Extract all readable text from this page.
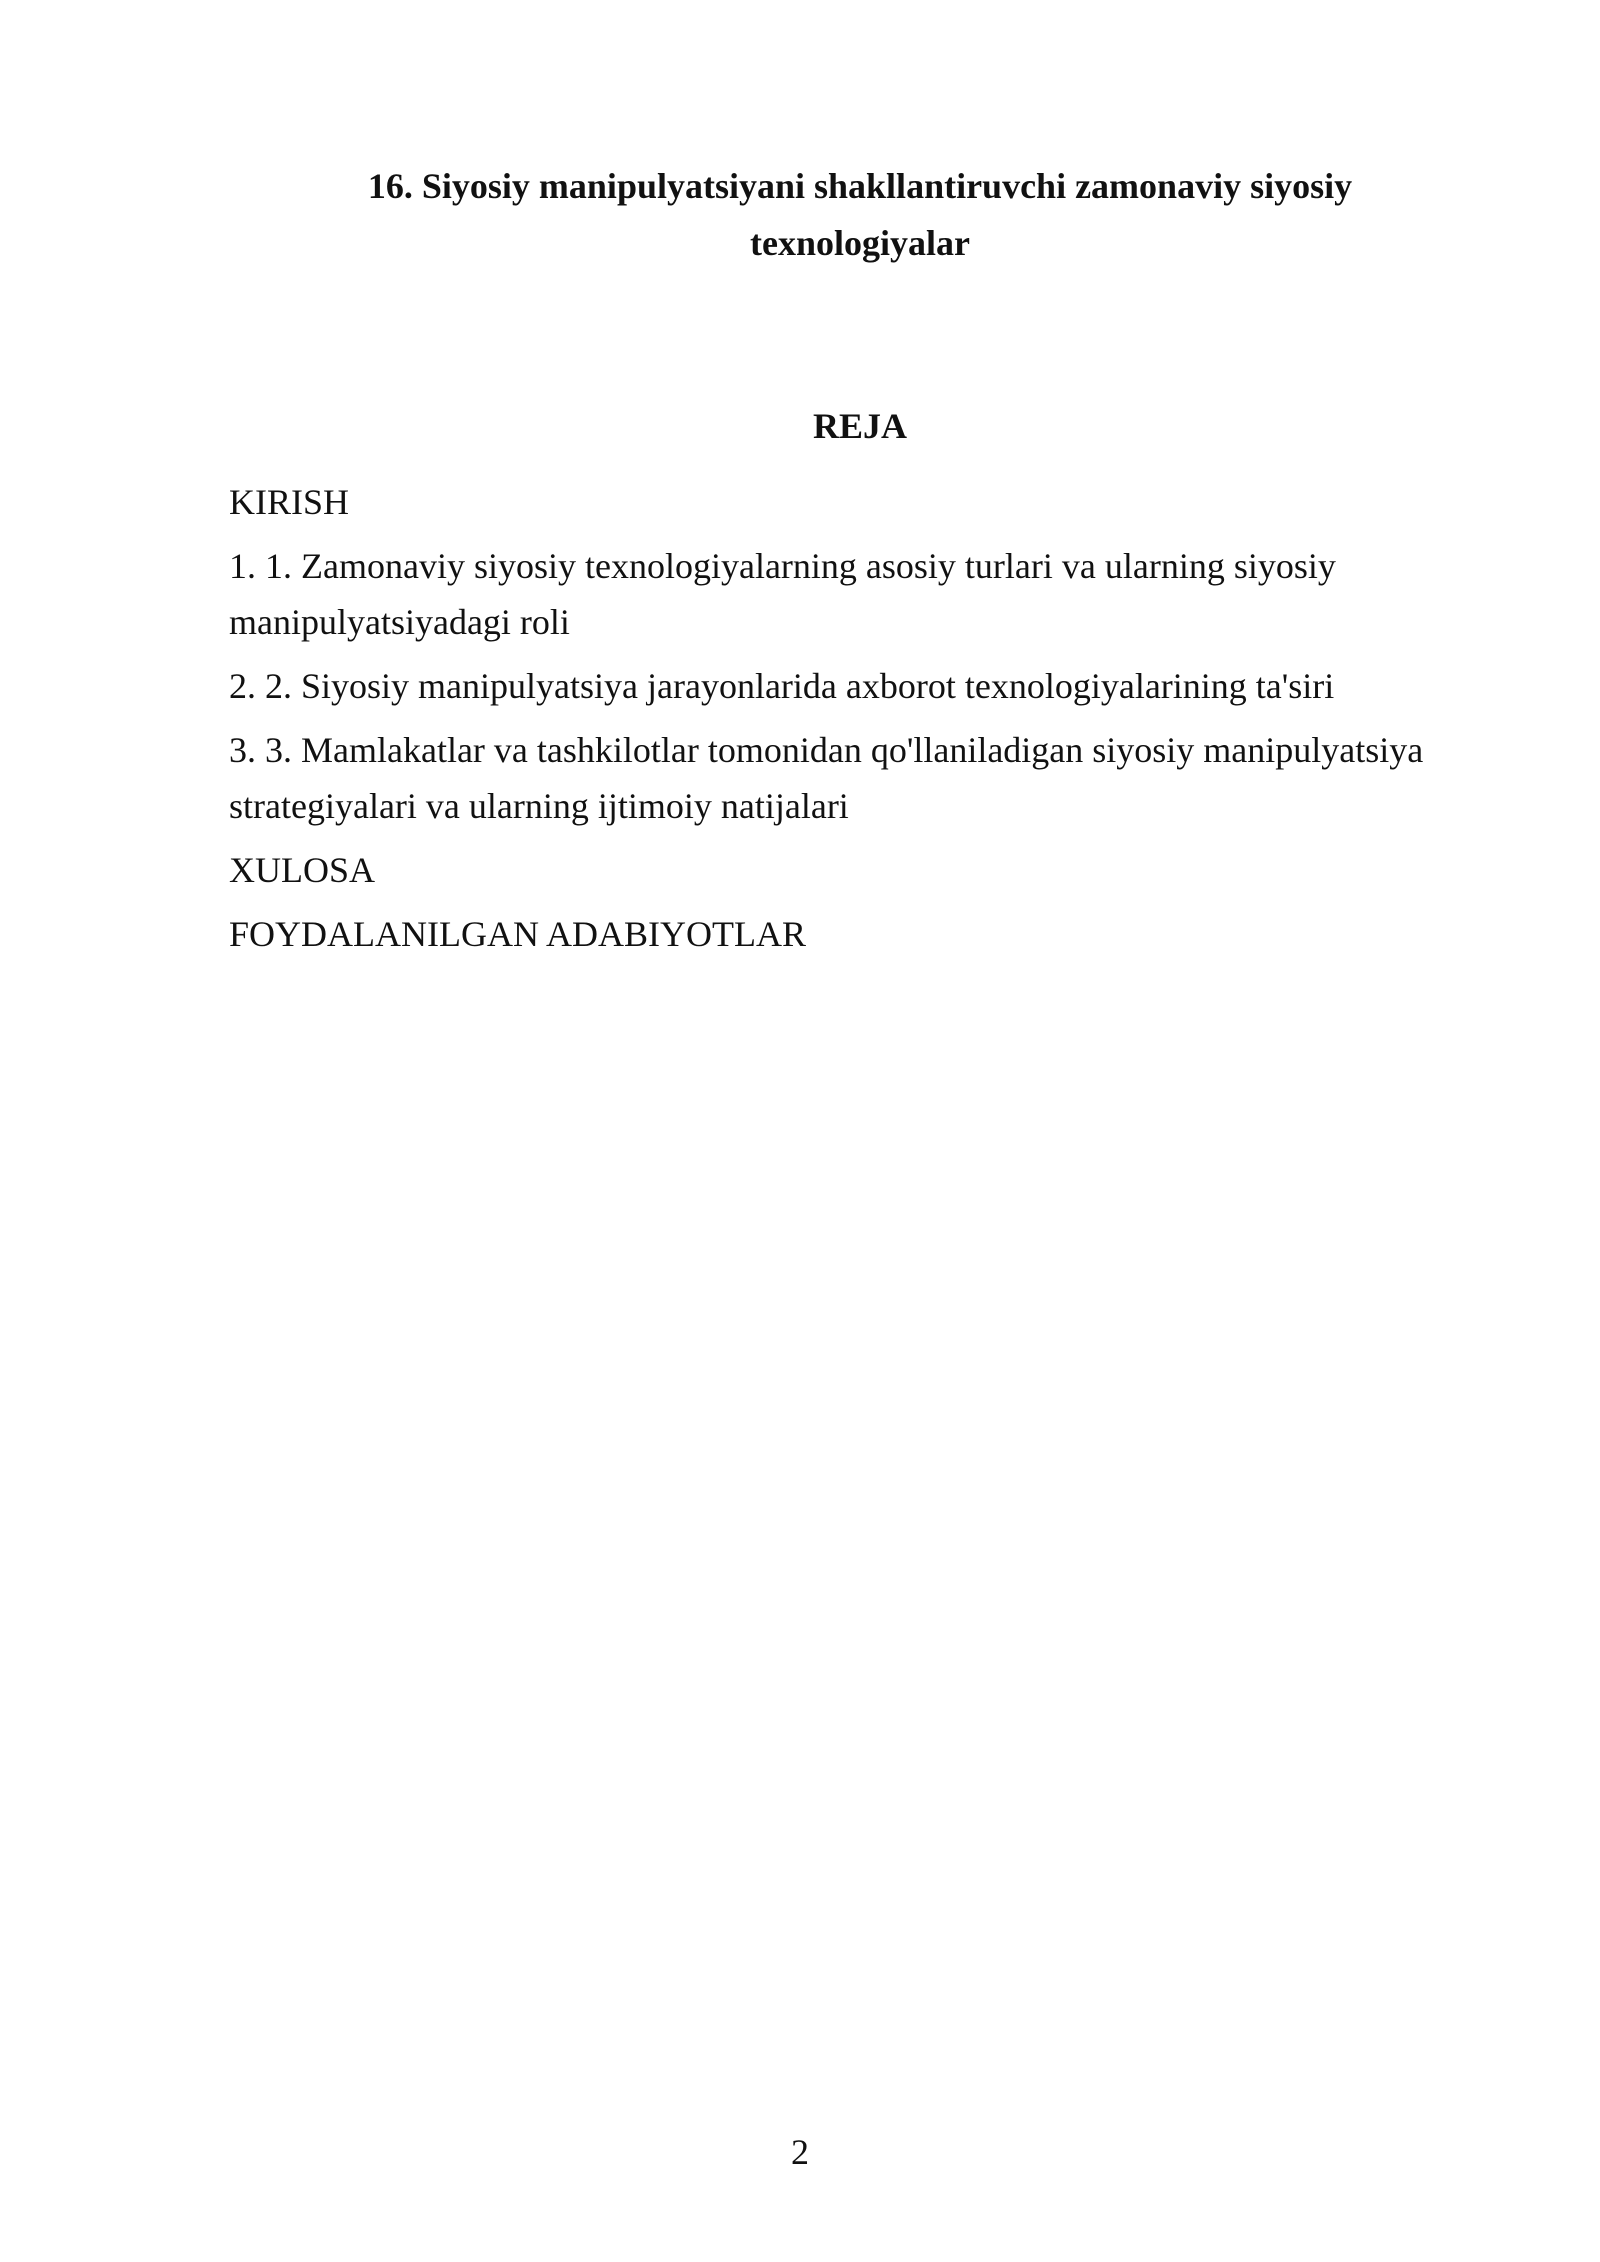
16. Siyosiy manipulyatsiyani shakllantiruvchi zamonaviy siyosiy texnologiyalar
REJA
KIRISH
1. 1. Zamonaviy siyosiy texnologiyalarning asosiy turlari va ularning siyosiy manipulyatsiyadagi roli
2. 2. Siyosiy manipulyatsiya jarayonlarida axborot texnologiyalarining ta'siri
3. 3. Mamlakatlar va tashkilotlar tomonidan qo'llaniladigan siyosiy manipulyatsiya strategiyalari va ularning ijtimoiy natijalari
XULOSA
FOYDALANILGAN ADABIYOTLAR
2
